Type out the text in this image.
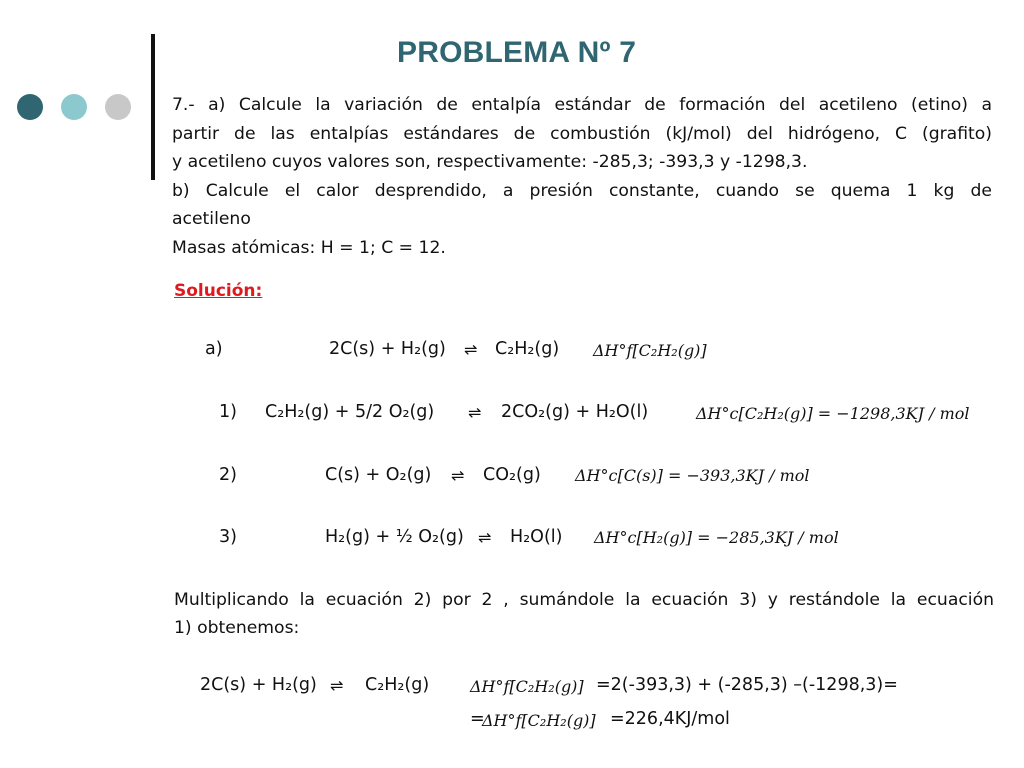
PROBLEMA Nº 7
7.- a) Calcule la variación de entalpía estándar de formación del acetileno (etino) a
partir de las entalpías estándares de combustión (kJ/mol) del hidrógeno, C (grafito)
y acetileno cuyos valores son, respectivamente: -285,3; -393,3 y -1298,3.
b) Calcule el calor desprendido, a presión constante, cuando se quema 1 kg de
acetileno
Masas atómicas: H = 1; C = 12.
Solución:
a)	2C(s) + H₂(g) ⇌ C₂H₂(g) ΔH°f[C₂H₂(g)]
1) C₂H₂(g) + 5/2 O₂(g) ⇌ 2CO₂(g) + H₂O(l)	ΔH°c[C₂H₂(g)] = −1298,3KJ / mol
2)	C(s) + O₂(g) ⇌ CO₂(g) ΔH°c[C(s)] = −393,3KJ / mol
3)	H₂(g) + ½ O₂(g) ⇌ H₂O(l) ΔH°c[H₂(g)] = −285,3KJ / mol
Multiplicando la ecuación 2) por 2 , sumándole la ecuación 3) y restándole la ecuación
1) obtenemos:
2C(s) + H₂(g) ⇌ C₂H₂(g)	ΔH°f[C₂H₂(g)] =2(-393,3) + (-285,3) –(-1298,3)=
=
ΔH°f[C₂H₂(g)] =226,4KJ/mol
